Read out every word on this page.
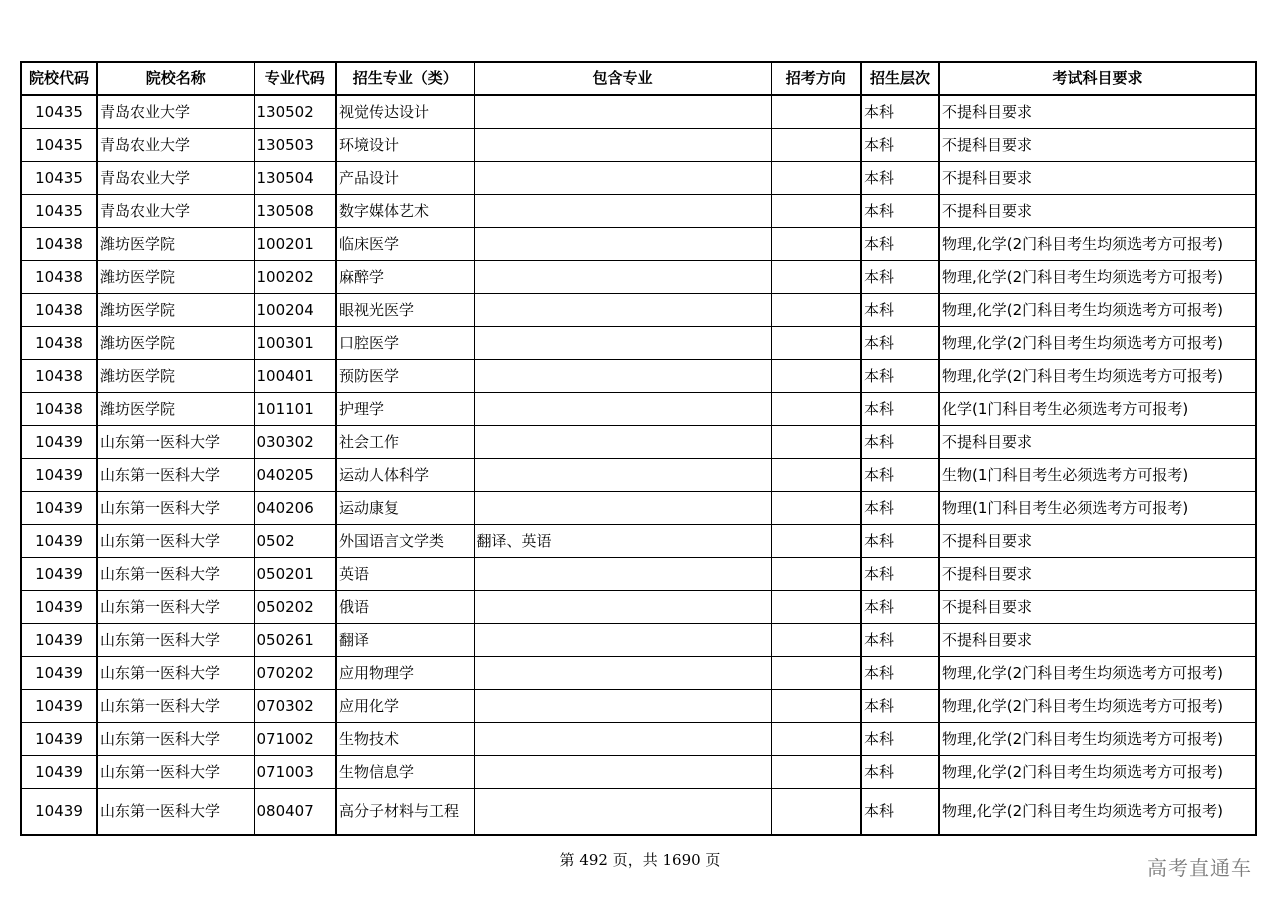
院校代码	院校名称	专业代码	招生专业（类）	包含专业	招考方向	招生层次	考试科目要求
10435	青岛农业大学	130502	视觉传达设计			本科	不提科目要求
10435	青岛农业大学	130503	环境设计			本科	不提科目要求
10435	青岛农业大学	130504	产品设计			本科	不提科目要求
10435	青岛农业大学	130508	数字媒体艺术			本科	不提科目要求
10438	潍坊医学院	100201	临床医学			本科	物理,化学(2门科目考生均须选考方可报考)
10438	潍坊医学院	100202	麻醉学			本科	物理,化学(2门科目考生均须选考方可报考)
10438	潍坊医学院	100204	眼视光医学			本科	物理,化学(2门科目考生均须选考方可报考)
10438	潍坊医学院	100301	口腔医学			本科	物理,化学(2门科目考生均须选考方可报考)
10438	潍坊医学院	100401	预防医学			本科	物理,化学(2门科目考生均须选考方可报考)
10438	潍坊医学院	101101	护理学			本科	化学(1门科目考生必须选考方可报考)
10439	山东第一医科大学	030302	社会工作			本科	不提科目要求
10439	山东第一医科大学	040205	运动人体科学			本科	生物(1门科目考生必须选考方可报考)
10439	山东第一医科大学	040206	运动康复			本科	物理(1门科目考生必须选考方可报考)
10439	山东第一医科大学	0502	外国语言文学类	翻译、英语		本科	不提科目要求
10439	山东第一医科大学	050201	英语			本科	不提科目要求
10439	山东第一医科大学	050202	俄语			本科	不提科目要求
10439	山东第一医科大学	050261	翻译			本科	不提科目要求
10439	山东第一医科大学	070202	应用物理学			本科	物理,化学(2门科目考生均须选考方可报考)
10439	山东第一医科大学	070302	应用化学			本科	物理,化学(2门科目考生均须选考方可报考)
10439	山东第一医科大学	071002	生物技术			本科	物理,化学(2门科目考生均须选考方可报考)
10439	山东第一医科大学	071003	生物信息学			本科	物理,化学(2门科目考生均须选考方可报考)
10439	山东第一医科大学	080407	高分子材料与工程			本科	物理,化学(2门科目考生均须选考方可报考)
第 492 页，共 1690 页	高考直通车
